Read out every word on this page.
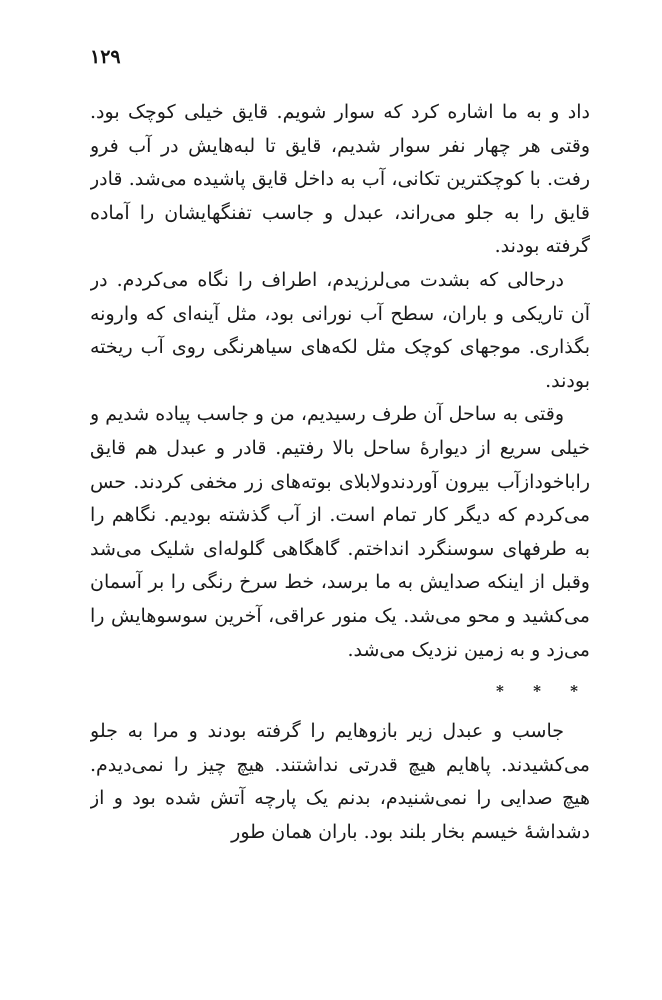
۱۲۹

داد و به ما اشاره کرد که سوار شویم. قایق خیلی کوچک بود. وقتی هر چهار نفر سوار شدیم، قایق تا لبه‌هایش در آب فرو رفت. با کوچکترین تکانی، آب به داخل قایق پاشیده می‌شد. قادر قایق را به جلو می‌راند، عبدل و جاسب تفنگهایشان را آماده گرفته بودند.

درحالی که بشدت می‌لرزیدم، اطراف را نگاه می‌کردم. در آن تاریکی و باران، سطح آب نورانی بود، مثل آینه‌ای که وارونه بگذاری. موجهای کوچک مثل لکه‌های سیاهرنگی روی آب ریخته بودند.

وقتی به ساحل آن طرف رسیدیم، من و جاسب پیاده شدیم و خیلی سریع از دیوارهٔ ساحل بالا رفتیم. قادر و عبدل هم قایق راباخودازآب بیرون آوردندولابلای بوته‌های زر مخفی کردند. حس می‌کردم که دیگر کار تمام است. از آب گذشته بودیم. نگاهم را به طرفهای سوسنگرد انداختم. گاهگاهی گلوله‌ای شلیک می‌شد وقبل از اینکه صدایش به ما برسد، خط سرخ رنگی را بر آسمان می‌کشید و محو می‌شد. یک منور عراقی، آخرین سوسوهایش را می‌زد و به زمین نزدیک می‌شد.

* * *

جاسب و عبدل زیر بازوهایم را گرفته بودند و مرا به جلو می‌کشیدند. پاهایم هیچ قدرتی نداشتند. هیچ چیز را نمی‌دیدم. هیچ صدایی را نمی‌شنیدم، بدنم یک پارچه آتش شده بود و از دشداشهٔ خیسم بخار بلند بود. باران همان طور
